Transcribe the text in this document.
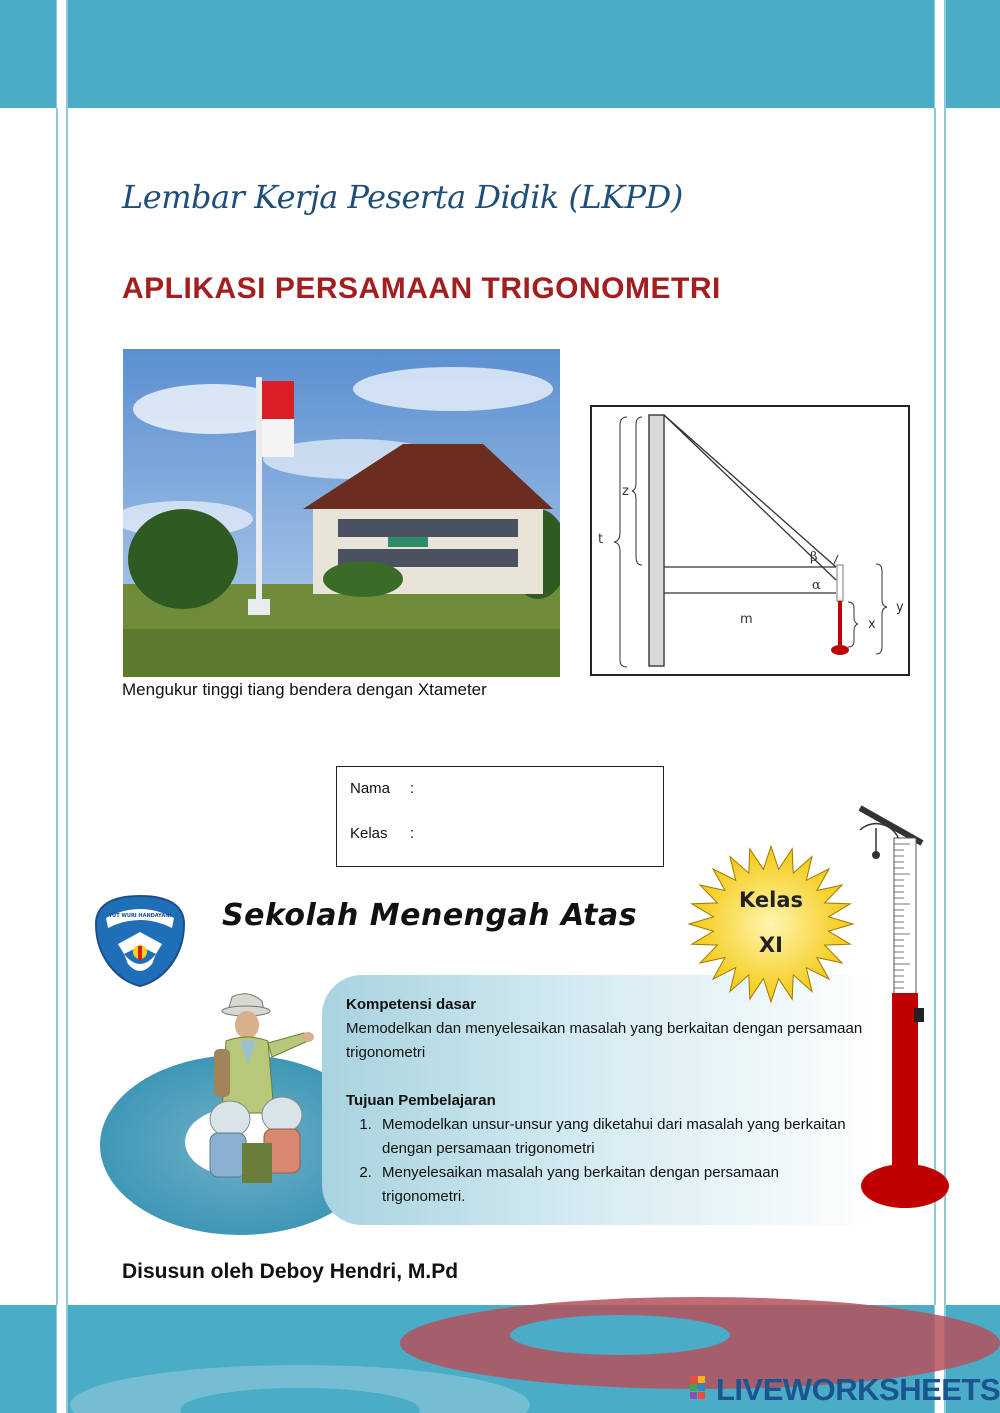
Lembar Kerja Peserta Didik (LKPD)
APLIKASI PERSAMAAN TRIGONOMETRI
Mengukur tinggi tiang bendera dengan Xtameter
z
t
β
α
m	x
y
Nama :
Kelas :
TUT WURI HANDAYANI Sekolah Menengah Atas
Kompetensi dasar
Memodelkan dan menyelesaikan masalah yang berkaitan dengan persamaan trigonometri
Tujuan Pembelajaran
1. Memodelkan unsur-unsur yang diketahui dari masalah yang berkaitan dengan persamaan trigonometri
2. Menyelesaikan masalah yang berkaitan dengan persamaan trigonometri.
Kelas
XI
Disusun oleh Deboy Hendri, M.Pd
LIVEWORKSHEETS
